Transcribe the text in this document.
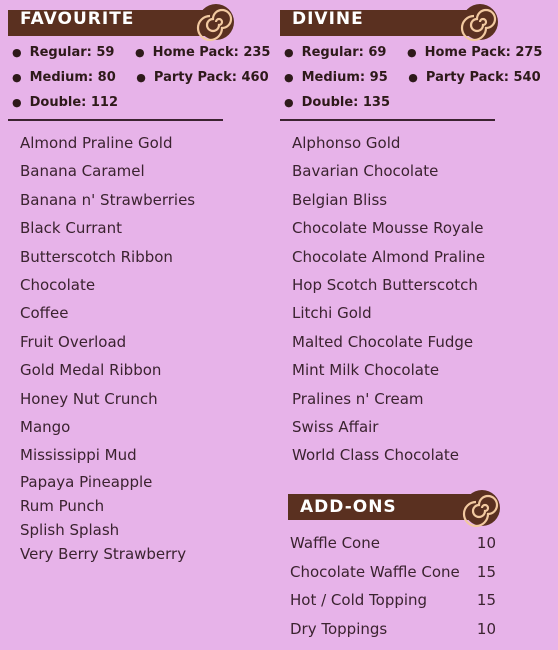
FAVOURITE
● Regular: 59 ● Home Pack: 235
● Medium: 80 ● Party Pack: 460
● Double: 112
Almond Praline Gold
Banana Caramel
Banana n' Strawberries
Black Currant
Butterscotch Ribbon
Chocolate
Coffee
Fruit Overload
Gold Medal Ribbon
Honey Nut Crunch
Mango
Mississippi Mud
Papaya Pineapple
Rum Punch
Splish Splash
Very Berry Strawberry
DIVINE
● Regular: 69 ● Home Pack: 275
● Medium: 95 ● Party Pack: 540
● Double: 135
Alphonso Gold
Bavarian Chocolate
Belgian Bliss
Chocolate Mousse Royale
Chocolate Almond Praline
Hop Scotch Butterscotch
Litchi Gold
Malted Chocolate Fudge
Mint Milk Chocolate
Pralines n' Cream
Swiss Affair
World Class Chocolate
ADD-ONS
Waffle Cone	10
Chocolate Waffle Cone	15
Hot / Cold Topping	15
Dry Toppings	10
